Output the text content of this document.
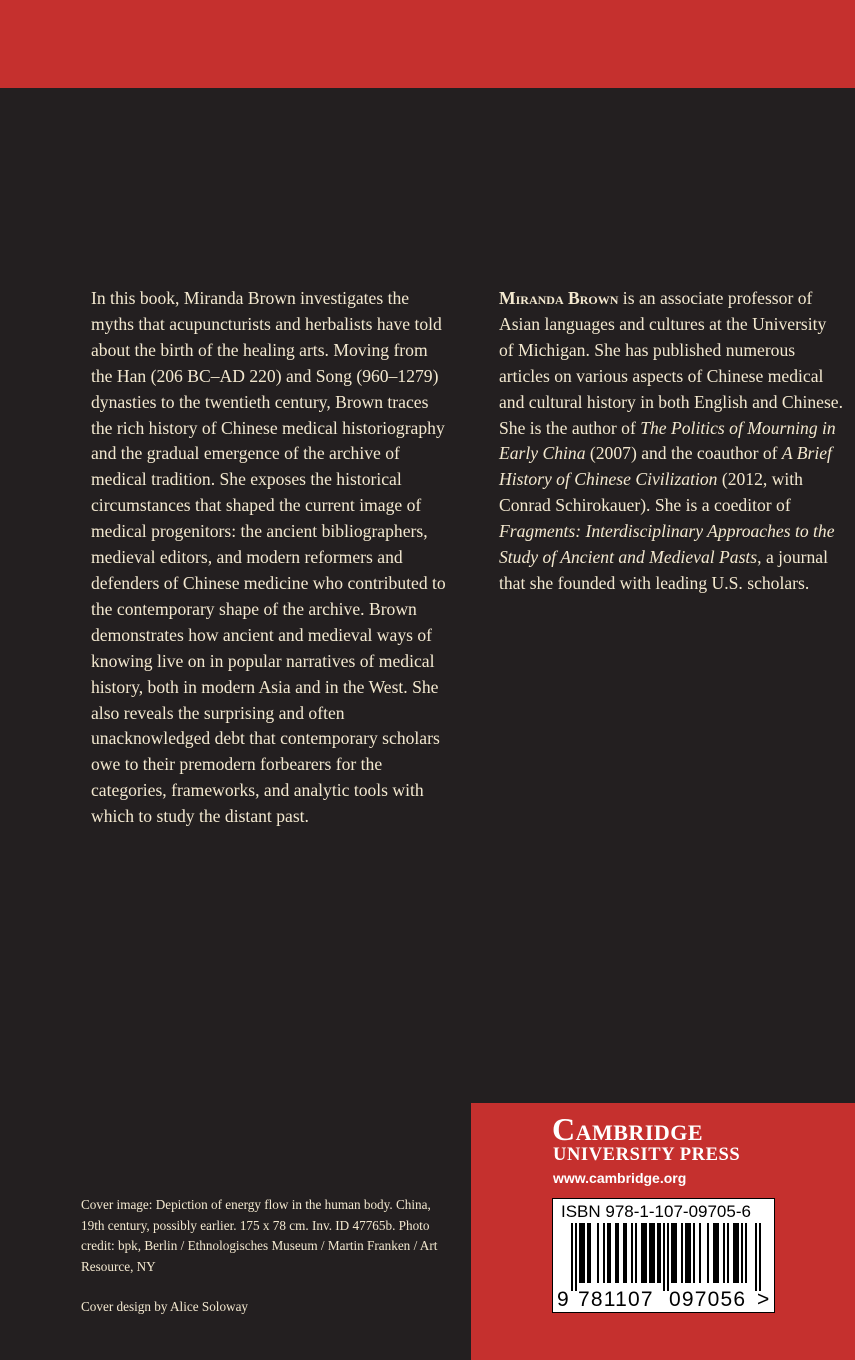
In this book, Miranda Brown investigates the myths that acupuncturists and herbalists have told about the birth of the healing arts. Moving from the Han (206 BC–AD 220) and Song (960–1279) dynasties to the twentieth century, Brown traces the rich history of Chinese medical historiography and the gradual emergence of the archive of medical tradition. She exposes the historical circumstances that shaped the current image of medical progenitors: the ancient bibliographers, medieval editors, and modern reformers and defenders of Chinese medicine who contributed to the contemporary shape of the archive. Brown demonstrates how ancient and medieval ways of knowing live on in popular narratives of medical history, both in modern Asia and in the West. She also reveals the surprising and often unacknowledged debt that contemporary scholars owe to their premodern forbearers for the categories, frameworks, and analytic tools with which to study the distant past.

Miranda Brown is an associate professor of Asian languages and cultures at the University of Michigan. She has published numerous articles on various aspects of Chinese medical and cultural history in both English and Chinese. She is the author of The Politics of Mourning in Early China (2007) and the coauthor of A Brief History of Chinese Civilization (2012, with Conrad Schirokauer). She is a coeditor of Fragments: Interdisciplinary Approaches to the Study of Ancient and Medieval Pasts, a journal that she founded with leading U.S. scholars.

Cover image: Depiction of energy flow in the human body. China, 19th century, possibly earlier. 175 x 78 cm. Inv. ID 47765b. Photo credit: bpk, Berlin / Ethnologisches Museum / Martin Franken / Art Resource, NY

Cover design by Alice Soloway

Cambridge

UNIVERSITY PRESS

www.cambridge.org

ISBN 978-1-107-09705-6

9 781107 097056 >
